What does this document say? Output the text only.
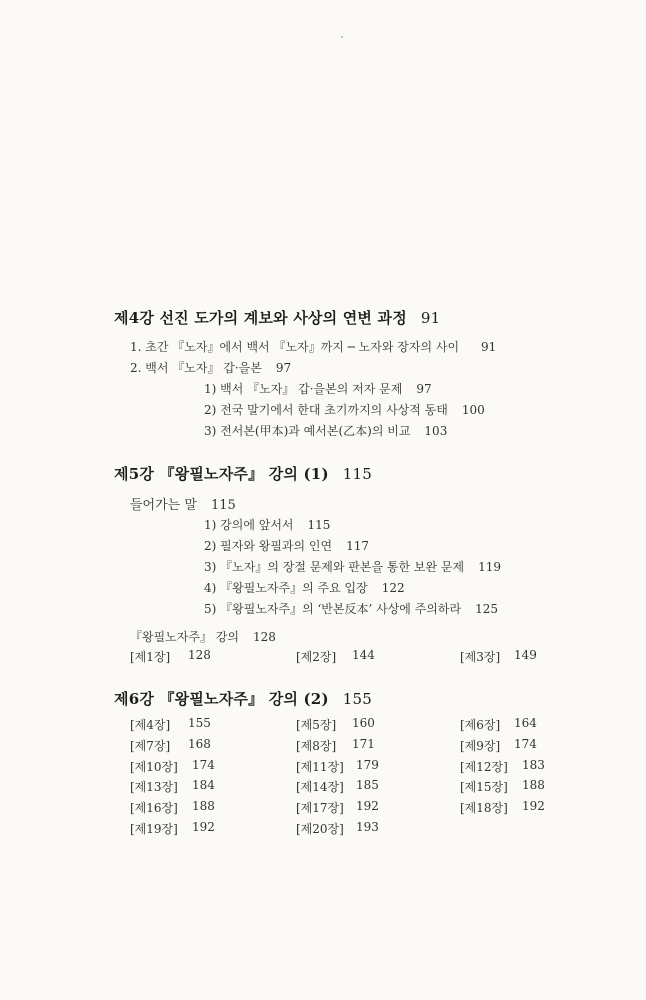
제4강 선진 도가의 계보와 사상의 연변 과정 91
1. 초간 『노자』에서 백서 『노자』까지 ─ 노자와 장자의 사이 91
2. 백서 『노자』 갑·을본 97
1) 백서 『노자』 갑·을본의 저자 문제 97
2) 전국 말기에서 한대 초기까지의 사상적 동태 100
3) 전서본(甲本)과 예서본(乙本)의 비교 103
제5강 『왕필노자주』 강의 (1) 115
들어가는 말 115
1) 강의에 앞서서 115
2) 필자와 왕필과의 인연 117
3) 『노자』의 장절 문제와 판본을 통한 보완 문제 119
4) 『왕필노자주』의 주요 입장 122
5) 『왕필노자주』의 ‘반본反本’ 사상에 주의하라 125
『왕필노자주』 강의 128
[제1장] 128	[제2장] 144	[제3장] 149
제6강 『왕필노자주』 강의 (2) 155
[제4장] 155	[제5장] 160	[제6장] 164
[제7장] 168	[제8장] 171	[제9장] 174
[제10장] 174	[제11장] 179	[제12장] 183
[제13장] 184	[제14장] 185	[제15장] 188
[제16장] 188	[제17장] 192	[제18장] 192
[제19장] 192	[제20장] 193
